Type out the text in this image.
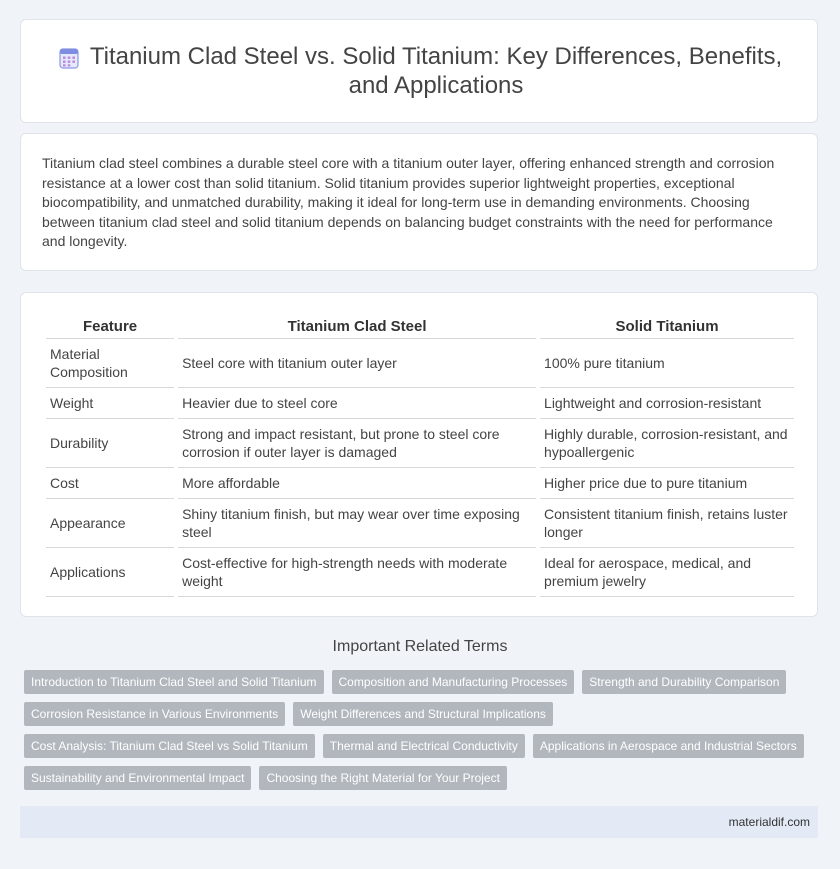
Titanium Clad Steel vs. Solid Titanium: Key Differences, Benefits, and Applications

Titanium clad steel combines a durable steel core with a titanium outer layer, offering enhanced strength and corrosion resistance at a lower cost than solid titanium. Solid titanium provides superior lightweight properties, exceptional biocompatibility, and unmatched durability, making it ideal for long-term use in demanding environments. Choosing between titanium clad steel and solid titanium depends on balancing budget constraints with the need for performance and longevity.

Feature	Titanium Clad Steel	Solid Titanium
Material Composition	Steel core with titanium outer layer	100% pure titanium
Weight	Heavier due to steel core	Lightweight and corrosion-resistant
Durability	Strong and impact resistant, but prone to steel core corrosion if outer layer is damaged	Highly durable, corrosion-resistant, and hypoallergenic
Cost	More affordable	Higher price due to pure titanium
Appearance	Shiny titanium finish, but may wear over time exposing steel	Consistent titanium finish, retains luster longer
Applications	Cost-effective for high-strength needs with moderate weight	Ideal for aerospace, medical, and premium jewelry
Important Related Terms
Introduction to Titanium Clad Steel and Solid Titanium	Composition and Manufacturing Processes	Strength and Durability Comparison
Corrosion Resistance in Various Environments	Weight Differences and Structural Implications
Cost Analysis: Titanium Clad Steel vs Solid Titanium	Thermal and Electrical Conductivity	Applications in Aerospace and Industrial Sectors
Sustainability and Environmental Impact	Choosing the Right Material for Your Project
materialdif.com
